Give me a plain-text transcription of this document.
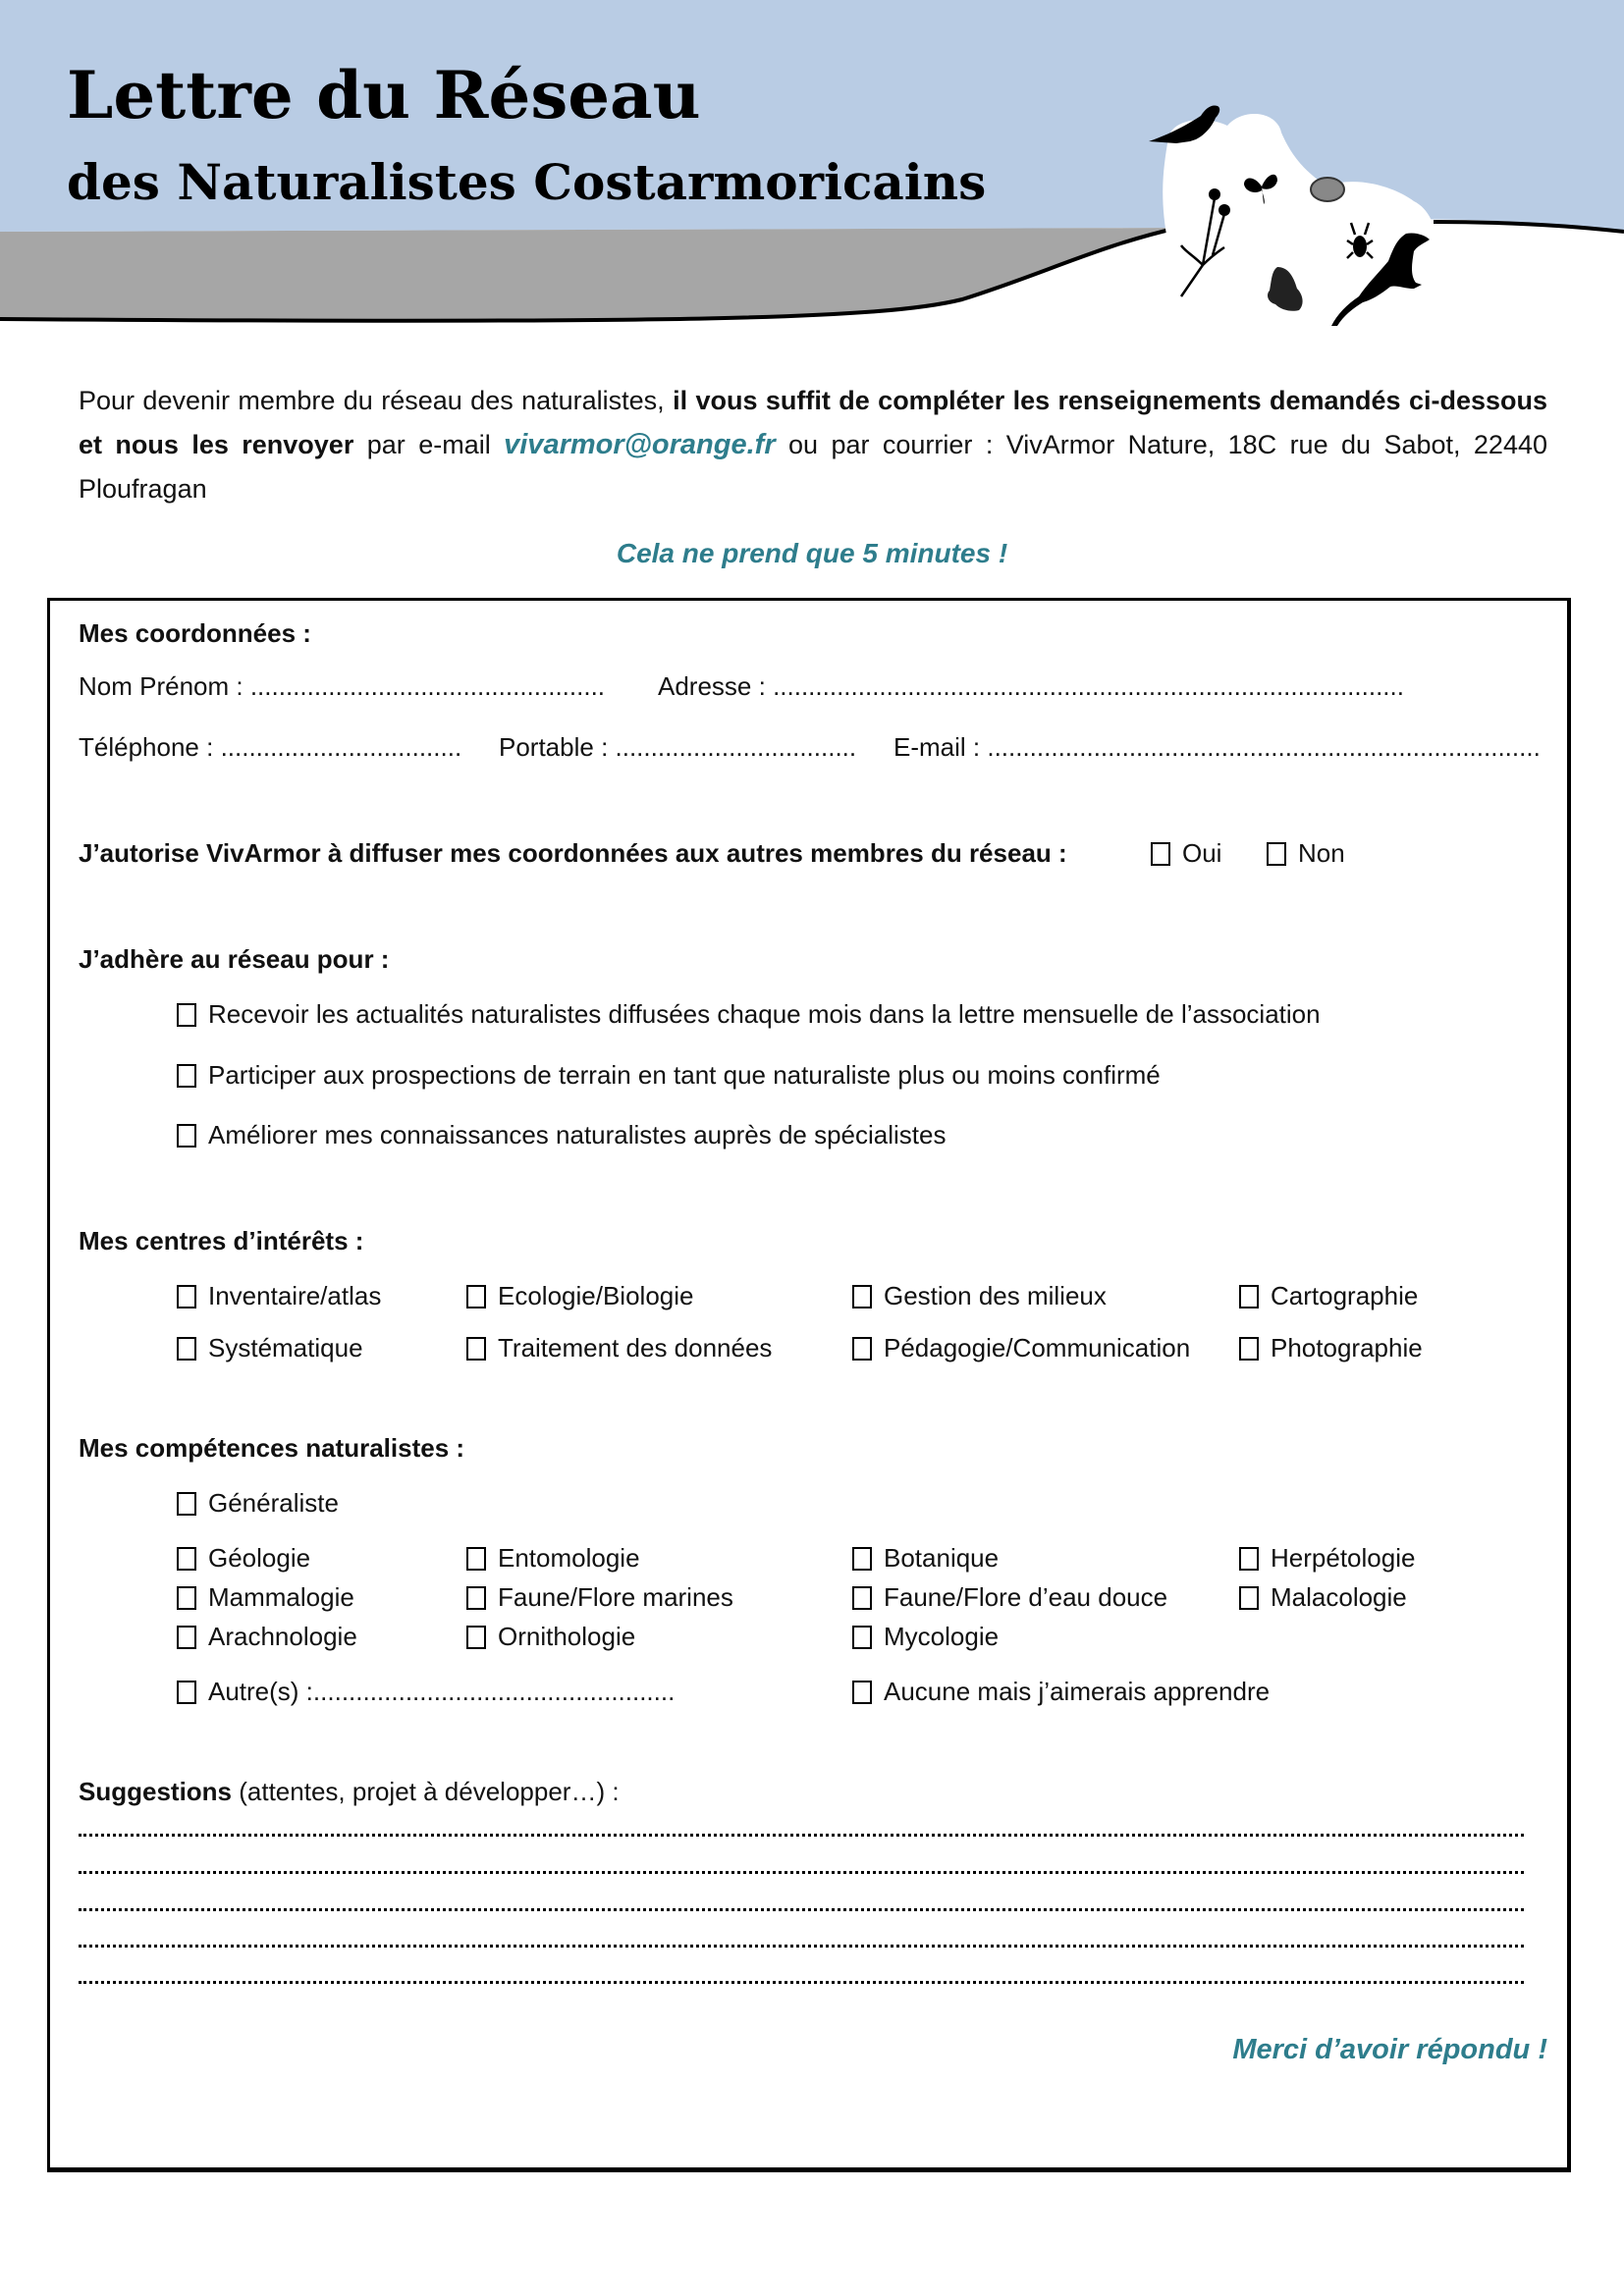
Lettre du Réseau
des Naturalistes Costarmoricains

Pour devenir membre du réseau des naturalistes, il vous suffit de compléter les renseignements demandés ci-dessous et nous les renvoyer par e-mail vivarmor@orange.fr ou par courrier : VivArmor Nature, 18C rue du Sabot, 22440 Ploufragan

Cela ne prend que 5 minutes !
Mes coordonnées :
Nom Prénom : .................................................. Adresse : .........................................................................................
Téléphone : .................................. Portable : .................................. E-mail : ..............................................................................
J’autorise VivArmor à diffuser mes coordonnées aux autres membres du réseau :	Oui	Non
J’adhère au réseau pour :
Recevoir les actualités naturalistes diffusées chaque mois dans la lettre mensuelle de l’association
Participer aux prospections de terrain en tant que naturaliste plus ou moins confirmé
Améliorer mes connaissances naturalistes auprès de spécialistes
Mes centres d’intérêts :
Inventaire/atlas	Ecologie/Biologie	Gestion des milieux	Cartographie
Systématique	Traitement des données	Pédagogie/Communication	Photographie
Mes compétences naturalistes :
Généraliste
Géologie	Entomologie	Botanique	Herpétologie
Mammalogie	Faune/Flore marines	Faune/Flore d’eau douce	Malacologie
Arachnologie	Ornithologie	Mycologie
Autre(s) : ...................................................	Aucune mais j’aimerais apprendre
Suggestions (attentes, projet à développer…) :
Merci d’avoir répondu !
